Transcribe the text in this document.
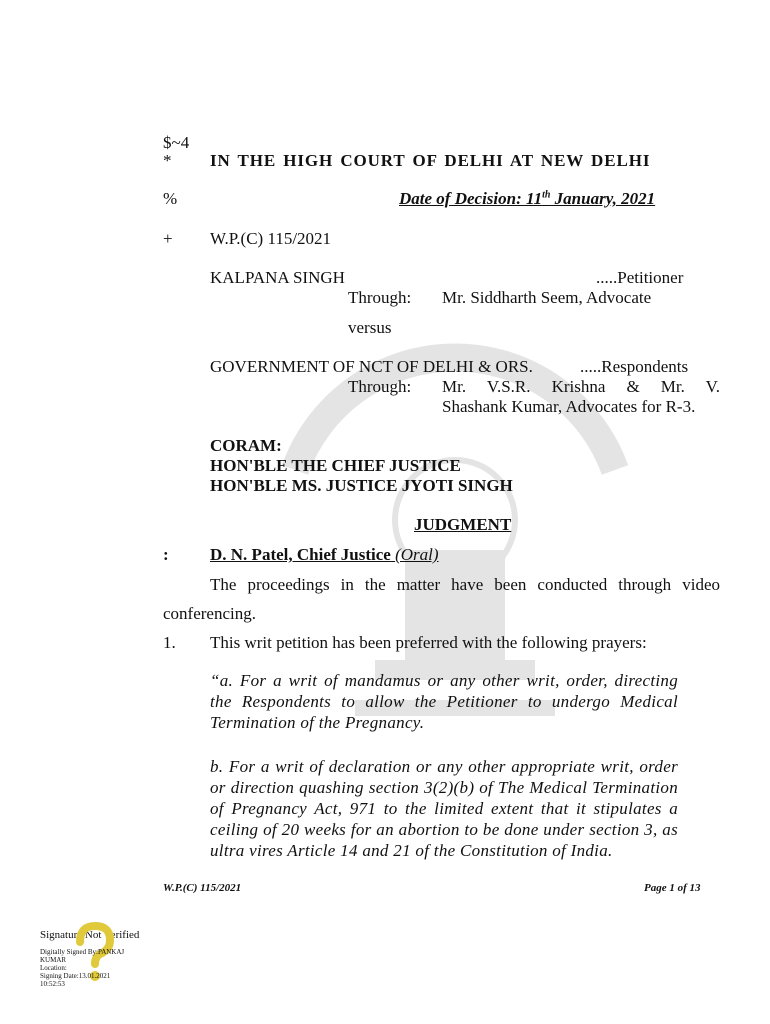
$~4
* IN THE HIGH COURT OF DELHI AT NEW DELHI
%	Date of Decision: 11th January, 2021
+ W.P.(C) 115/2021
KALPANA SINGH	.....Petitioner
Through: Mr. Siddharth Seem, Advocate
versus
GOVERNMENT OF NCT OF DELHI & ORS.	.....Respondents
Through: Mr. V.S.R. Krishna & Mr. V.
Shashank Kumar, Advocates for R-3.
CORAM:
HON'BLE THE CHIEF JUSTICE
HON'BLE MS. JUSTICE JYOTI SINGH
JUDGMENT
: D. N. Patel, Chief Justice (Oral)
The proceedings in the matter have been conducted through video
conferencing.
1. This writ petition has been preferred with the following prayers:
“a. For a writ of mandamus or any other writ, order, directing the Respondents to allow the Petitioner to undergo Medical Termination of the Pregnancy.
b. For a writ of declaration or any other appropriate writ, order or direction quashing section 3(2)(b) of The Medical Termination of Pregnancy Act, 971 to the limited extent that it stipulates a ceiling of 20 weeks for an abortion to be done under section 3, as ultra vires Article 14 and 21 of the Constitution of India.
W.P.(C) 115/2021	Page 1 of 13
Signature Not Verified
Digitally Signed By:PANKAJ
KUMAR
Location:
Signing Date:13.01.2021
10:52:53
